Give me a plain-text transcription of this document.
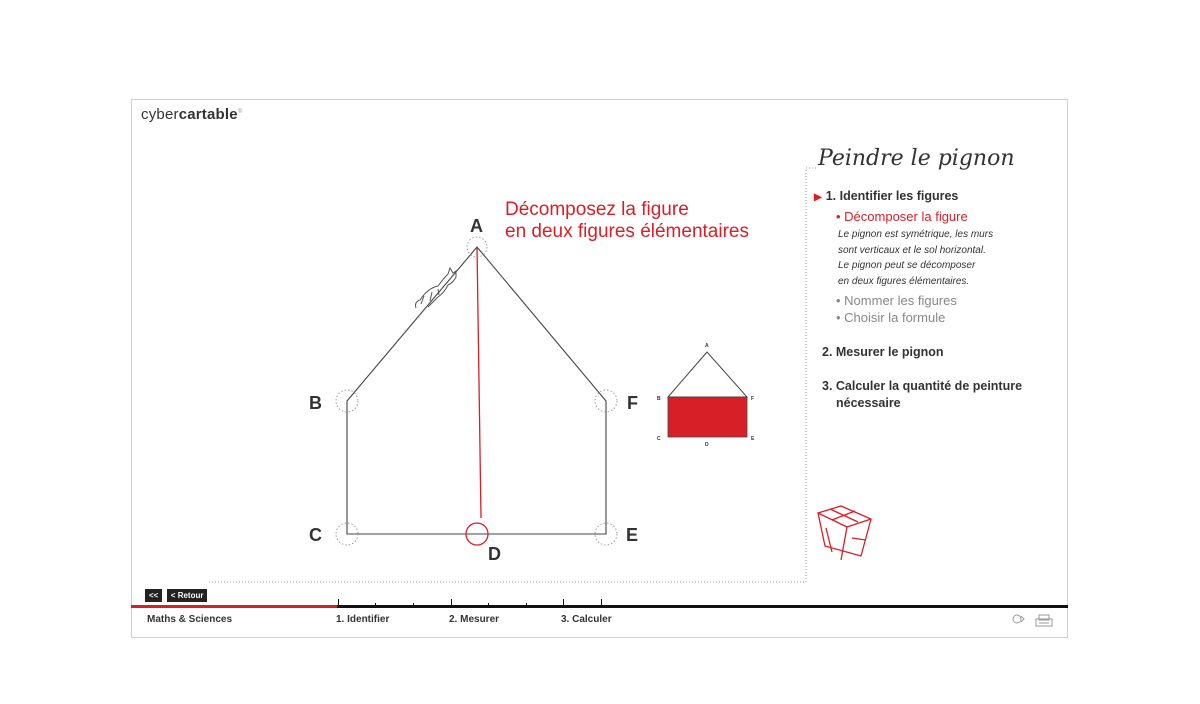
cybercartable®
A
B	F
C
D
E
Décomposez la figure
en deux figures élémentaires
A
B
C
D
E
F
Peindre le pignon
▶ 1. Identifier les figures
• Décomposer la figure
Le pignon est symétrique, les murs
sont verticaux et le sol horizontal.
Le pignon peut se décomposer
en deux figures élémentaires.
• Nommer les figures
• Choisir la formule
2. Mesurer le pignon
3. Calculer la quantité de peinture
nécessaire
<< < Retour
Maths & Sciences	1. Identifier	2. Mesurer	3. Calculer
